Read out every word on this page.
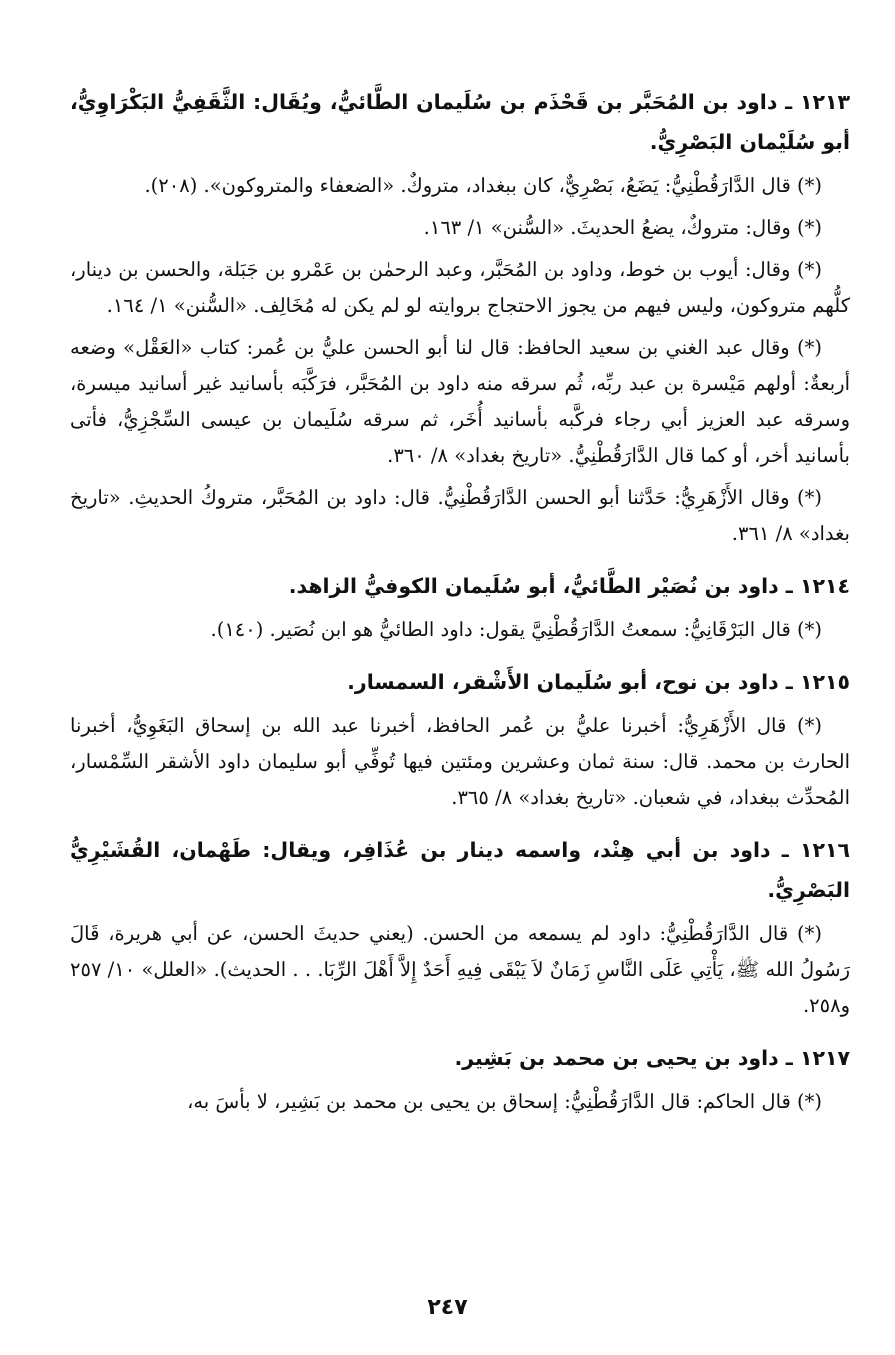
١٢١٣ ـ داود بن المُحَبَّر بن قَحْذَم بن سُلَيمان الطَّائيُّ، ويُقَال: الثَّقَفِيُّ البَكْرَاوِيُّ، أبو سُلَيْمان البَصْرِيُّ.

(*) قال الدَّارَقُطْنِيُّ: يَضَعُ، بَصْرِيٌّ، كان ببغداد، متروكٌ. «الضعفاء والمتروكون». (٢٠٨).

(*) وقال: متروكٌ، يضعُ الحديثَ. «السُّنن» ١/ ١٦٣.

(*) وقال: أيوب بن خوط، وداود بن المُحَبَّر، وعبد الرحمٰن بن عَمْرو بن جَبَلة، والحسن بن دينار، كلُّهم متروكون، وليس فيهم من يجوز الاحتجاج بروايته لو لم يكن له مُخَالِف. «السُّنن» ١/ ١٦٤.

(*) وقال عبد الغني بن سعيد الحافظ: قال لنا أبو الحسن عليُّ بن عُمر: كتاب «العَقْل» وضعه أربعةٌ: أولهم مَيْسرة بن عبد ربِّه، ثُم سرقه منه داود بن المُحَبَّر، فرَكَّبَه بأسانيد غير أسانيد ميسرة، وسرقه عبد العزيز أبي رجاء فركَّبه بأسانيد أُخَر، ثم سرقه سُلَيمان بن عيسى السِّجْزِيُّ، فأتى بأسانيد أخر، أو كما قال الدَّارَقُطْنِيُّ. «تاريخ بغداد» ٨/ ٣٦٠.

(*) وقال الأَزْهَرِيُّ: حَدَّثنا أبو الحسن الدَّارَقُطْنِيُّ. قال: داود بن المُحَبَّر، متروكُ الحديثِ. «تاريخ بغداد» ٨/ ٣٦١.

١٢١٤ ـ داود بن نُصَيْر الطَّائيُّ، أبو سُلَيمان الكوفيُّ الزاهد.

(*) قال البَرْقَانِيُّ: سمعتُ الدَّارَقُطْنِيَّ يقول: داود الطائيُّ هو ابن نُصَير. (١٤٠).

١٢١٥ ـ داود بن نوح، أبو سُلَيمان الأَشْقر، السمسار.

(*) قال الأَزْهَرِيُّ: أخبرنا عليُّ بن عُمر الحافظ، أخبرنا عبد الله بن إسحاق البَغَوِيُّ، أخبرنا الحارث بن محمد. قال: سنة ثمان وعشرين ومئتين فيها تُوفِّي أبو سليمان داود الأشقر السِّمْسار، المُحدِّث ببغداد، في شعبان. «تاريخ بغداد» ٨/ ٣٦٥.

١٢١٦ ـ داود بن أبي هِنْد، واسمه دينار بن عُذَافِر، ويقال: طَهْمان، القُشَيْرِيُّ البَصْرِيُّ.

(*) قال الدَّارَقُطْنِيُّ: داود لم يسمعه من الحسن. (يعني حديثَ الحسن، عن أبي هريرة، قَالَ رَسُولُ الله ﷺ، يَأْتِي عَلَى النَّاسِ زَمَانٌ لاَ يَبْقَى فِيهِ أَحَدٌ إِلاَّ أَهْلَ الرِّبَا. . . الحديث). «العلل» ١٠/ ٢٥٧ و٢٥٨.

١٢١٧ ـ داود بن يحيى بن محمد بن بَشِير.

(*) قال الحاكم: قال الدَّارَقُطْنِيُّ: إسحاق بن يحيى بن محمد بن بَشِير، لا بأسَ به،

٢٤٧
